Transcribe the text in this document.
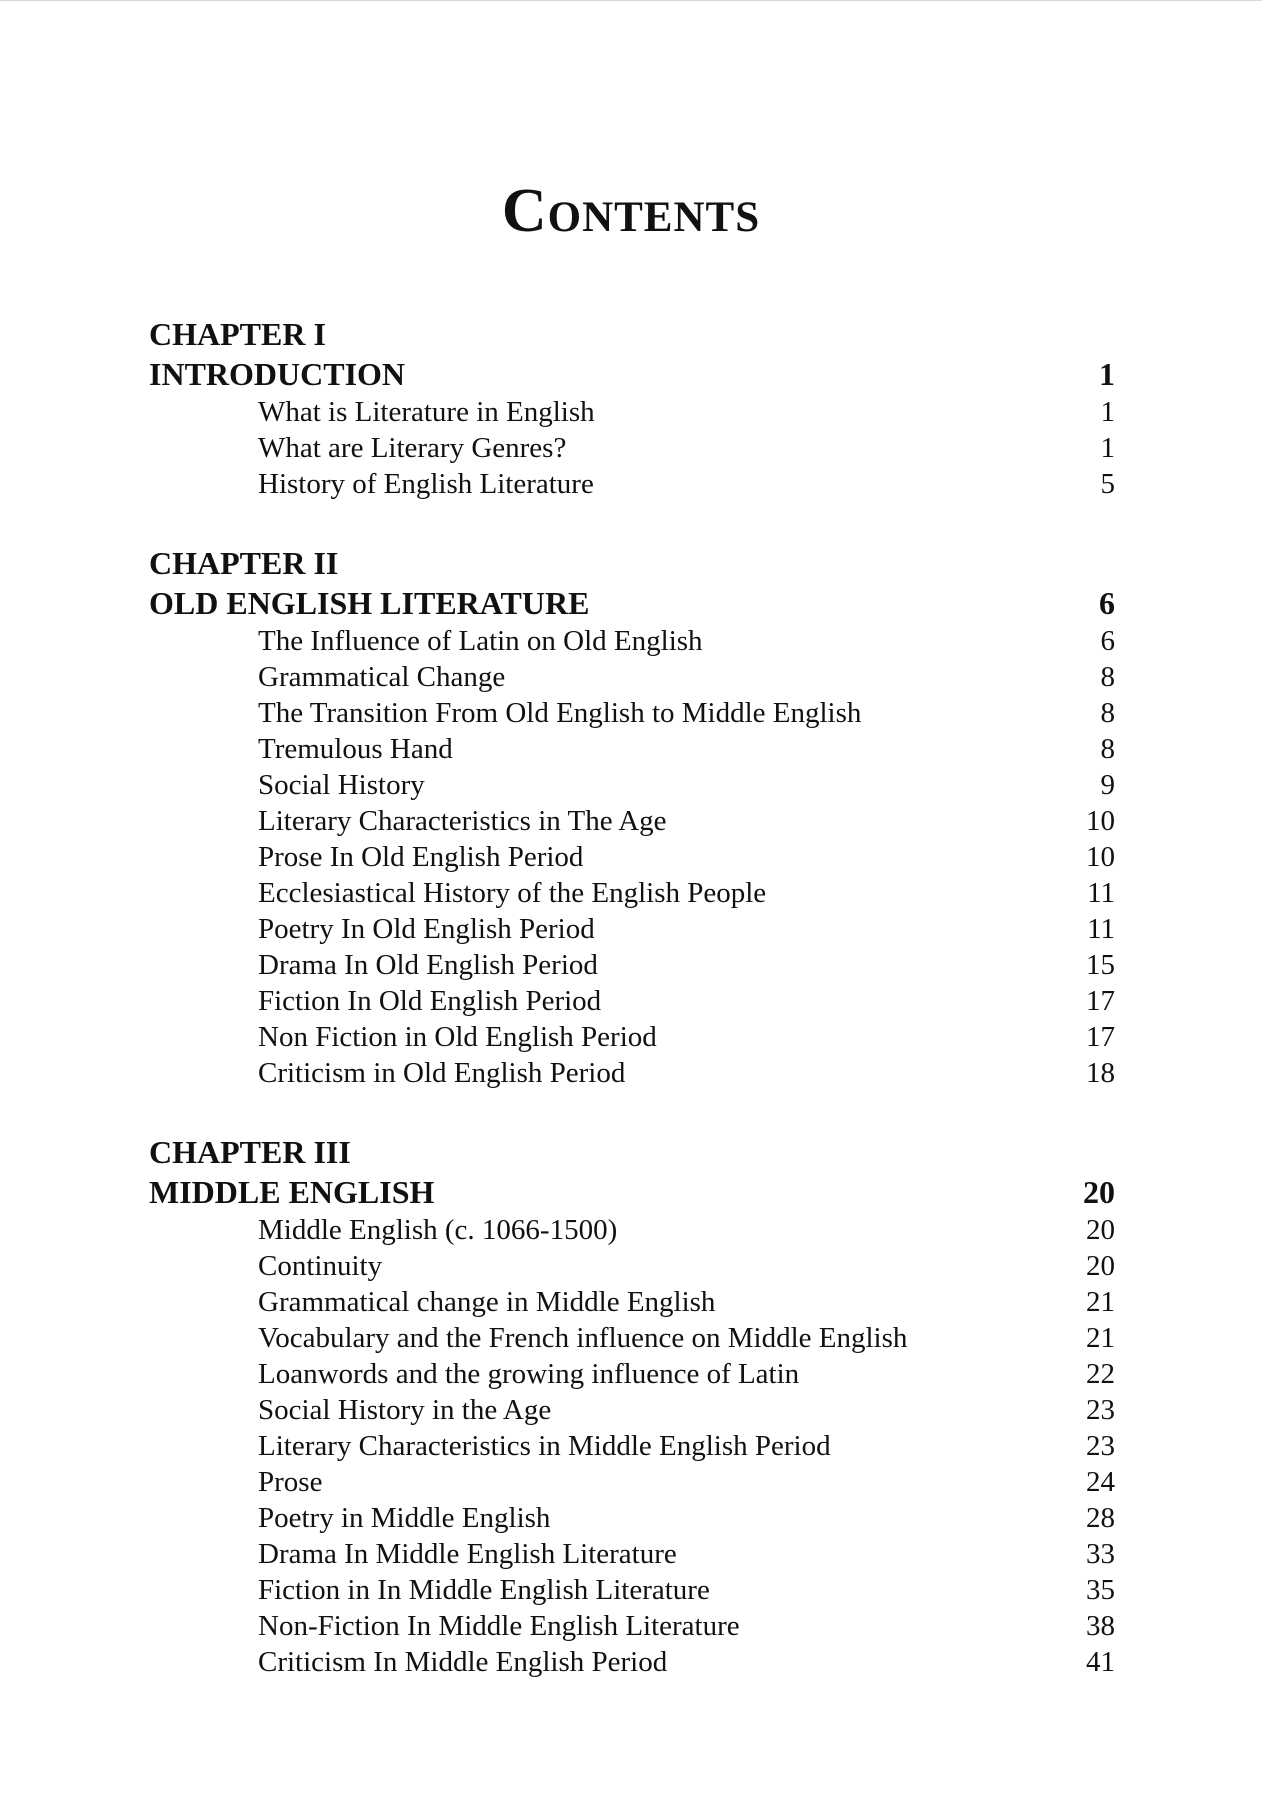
Contents
CHAPTER I
INTRODUCTION	1
What is Literature in English	1
What are Literary Genres?	1
History of English Literature	5
CHAPTER II
OLD ENGLISH LITERATURE	6
The Influence of Latin on Old English	6
Grammatical Change	8
The Transition From Old English to Middle English	8
Tremulous Hand	8
Social History	9
Literary Characteristics in The Age	10
Prose In Old English Period	10
Ecclesiastical History of the English People	11
Poetry In Old English Period	11
Drama In Old English Period	15
Fiction In Old English Period	17
Non Fiction in Old English Period	17
Criticism in Old English Period	18
CHAPTER III
MIDDLE ENGLISH	20
Middle English (c. 1066-1500)	20
Continuity	20
Grammatical change in Middle English	21
Vocabulary and the French influence on Middle English	21
Loanwords and the growing influence of Latin	22
Social History in the Age	23
Literary Characteristics in Middle English Period	23
Prose	24
Poetry in Middle English	28
Drama In Middle English Literature	33
Fiction in In Middle English Literature	35
Non-Fiction In Middle English Literature	38
Criticism In Middle English Period	41
